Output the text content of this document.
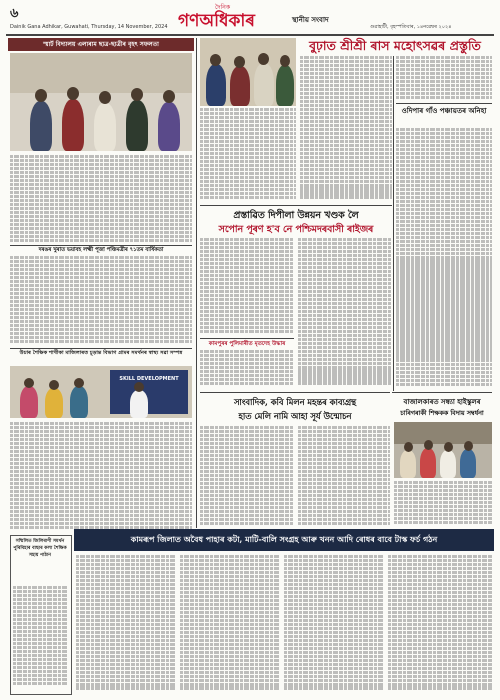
৬	দৈনিক
গণঅধিকাৰ	স্থানীয় সংবাদ
Dainik Gana Adhikar, Guwahati, Thursday, 14 November, 2024	গুৱাহাটী, বৃহস্পতিবাৰ, ১৪নৱেম্বৰ ২০২৪
স্মাৰ্ট বিদ্যালয় এলাৰাম ছাত্ৰ-ছাত্ৰীৰ বৃহৎ সফলতা
দৰঙৰ খুৰাত ভয়াবহ লক্ষ্মী পূজা পঞ্চিমত্ৰীৰ ৭১তম বাৰ্ষিকতা
উচাৰ শৈক্ষিক শাখীকা মাজিলাৰত চূড়ান্ত বিভাগ গ্ৰামৰ সমৰ্থনৰ স্বাস্থ্য সৱা সম্পন্ন
SKILL DEVELOPMENT
সম্মিলিত জিলিৰাণী সমৰ্থন পুৰিবিহাৰ বাছাৰ কলা শৈক্ষিক সহায় পাঠান
বুঢ়াত শ্ৰীশ্ৰী ৰাস মহোৎসৱৰ প্ৰস্তুতি
ওদিপাৰ গাঁও পঞ্চায়তৰ অনিহা
প্ৰস্তাৱিত দিপীলা উন্নয়ন খণ্ডক লৈ
সপোন পূৰণ হ'ব নে পশ্চিমদৰবাসী ৰাইজৰ
কামপুৰৰ পুলিমাৰীত মৃতদেহ উদ্ধাৰ
সাংবাদিক, কবি মিলন মহন্তৰ কাব্যগ্ৰন্থ
হাত মেলি নামি আহা সূৰ্য উন্মোচন
বাজালকাৰত সন্ধ্যা হাইস্কুলৰ
চাৰিগৰাকী শিক্ষকক বিদায় সম্বৰ্ধনা
কামৰূপ জিলাত অবৈধ পাহাৰ কটা, মাটি-বালি সংগ্ৰহ আৰু খনন আদি ৰোধৰ বাবে টাস্ক ফৰ্চ গঠন
